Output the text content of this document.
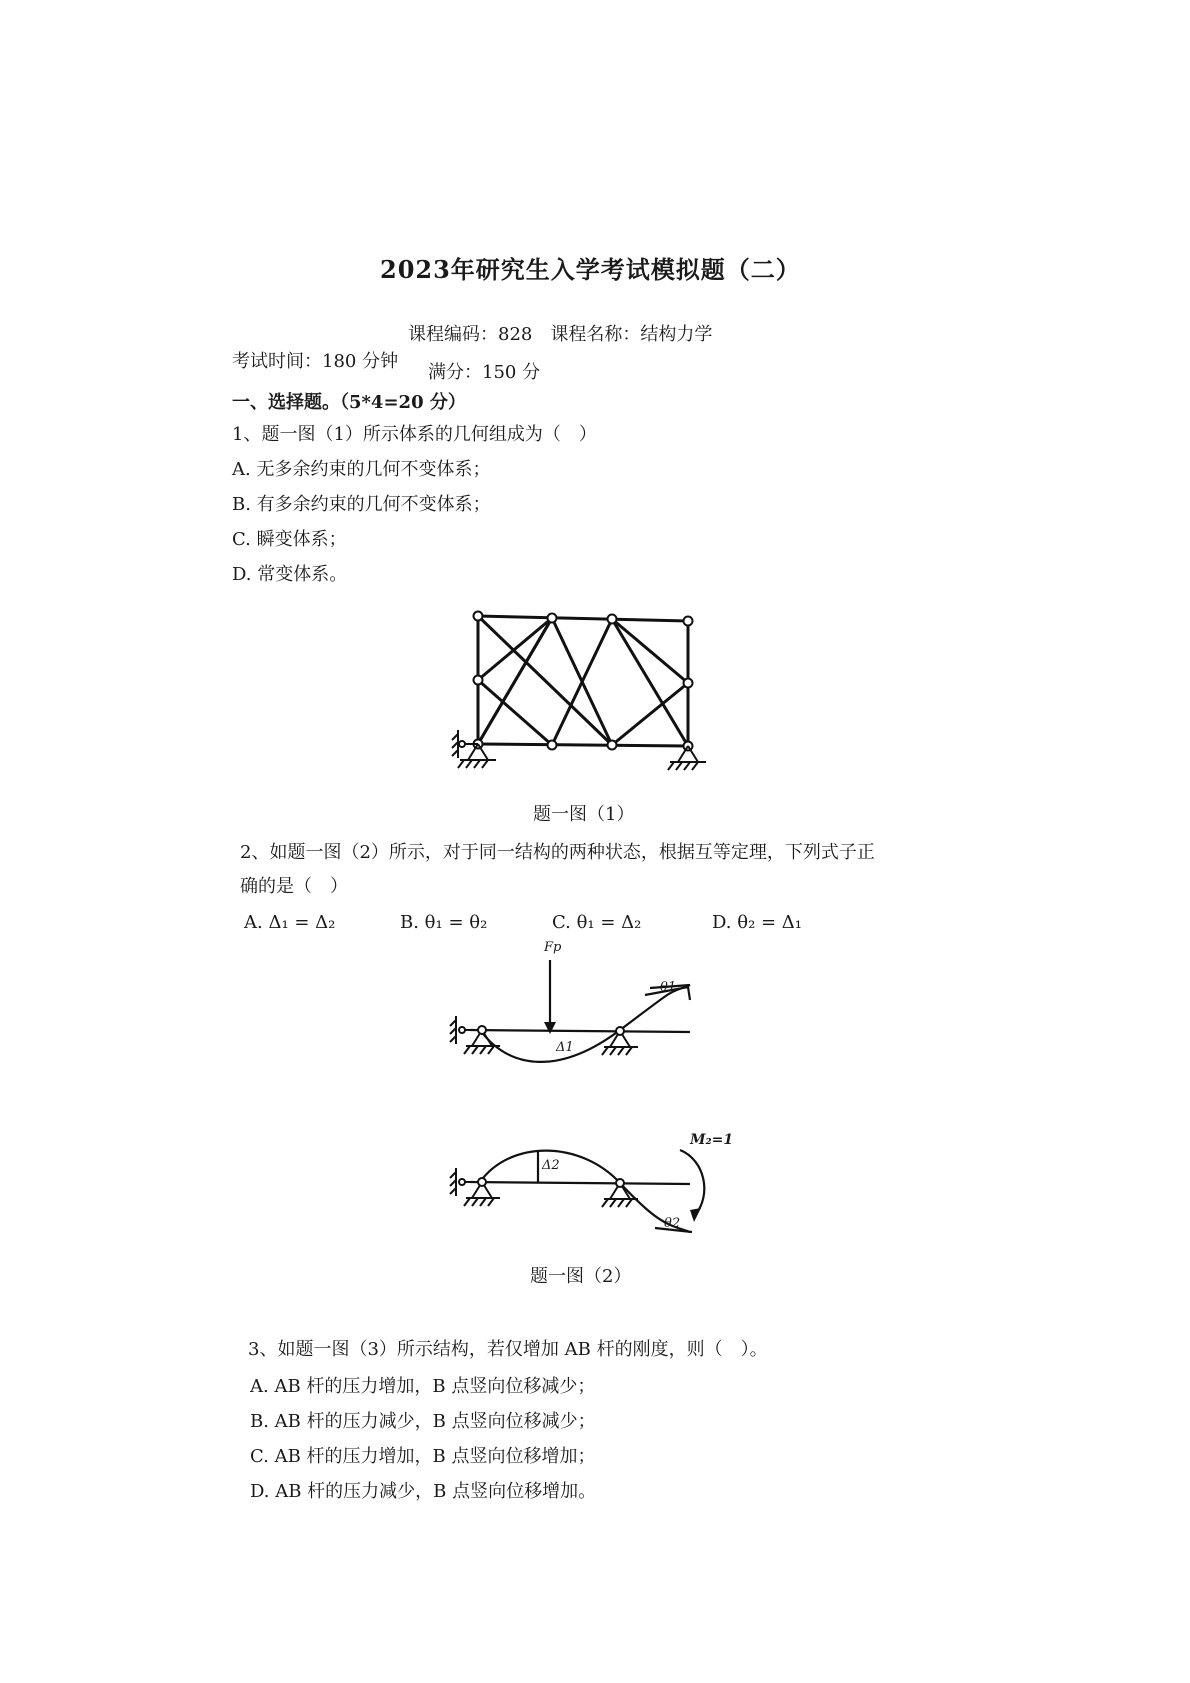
2023年研究生入学考试模拟题（二）
课程编码：828　课程名称：结构力学
考试时间：180 分钟
满分：150 分
一、选择题。（5*4=20 分）
1、题一图（1）所示体系的几何组成为（　）
A. 无多余约束的几何不变体系；
B. 有多余约束的几何不变体系；
C. 瞬变体系；
D. 常变体系。
题一图（1）
2、如题一图（2）所示，对于同一结构的两种状态，根据互等定理，下列式子正
确的是（　）
A. Δ₁ = Δ₂	B. θ₁ = θ₂	C. θ₁ = Δ₂	D. θ₂ = Δ₁
Fp
Δ1
θ1
Δ2
θ2
M₂=1
题一图（2）
3、如题一图（3）所示结构，若仅增加 AB 杆的刚度，则（　）。
A. AB 杆的压力增加，B 点竖向位移减少；
B. AB 杆的压力减少，B 点竖向位移减少；
C. AB 杆的压力增加，B 点竖向位移增加；
D. AB 杆的压力减少，B 点竖向位移增加。
